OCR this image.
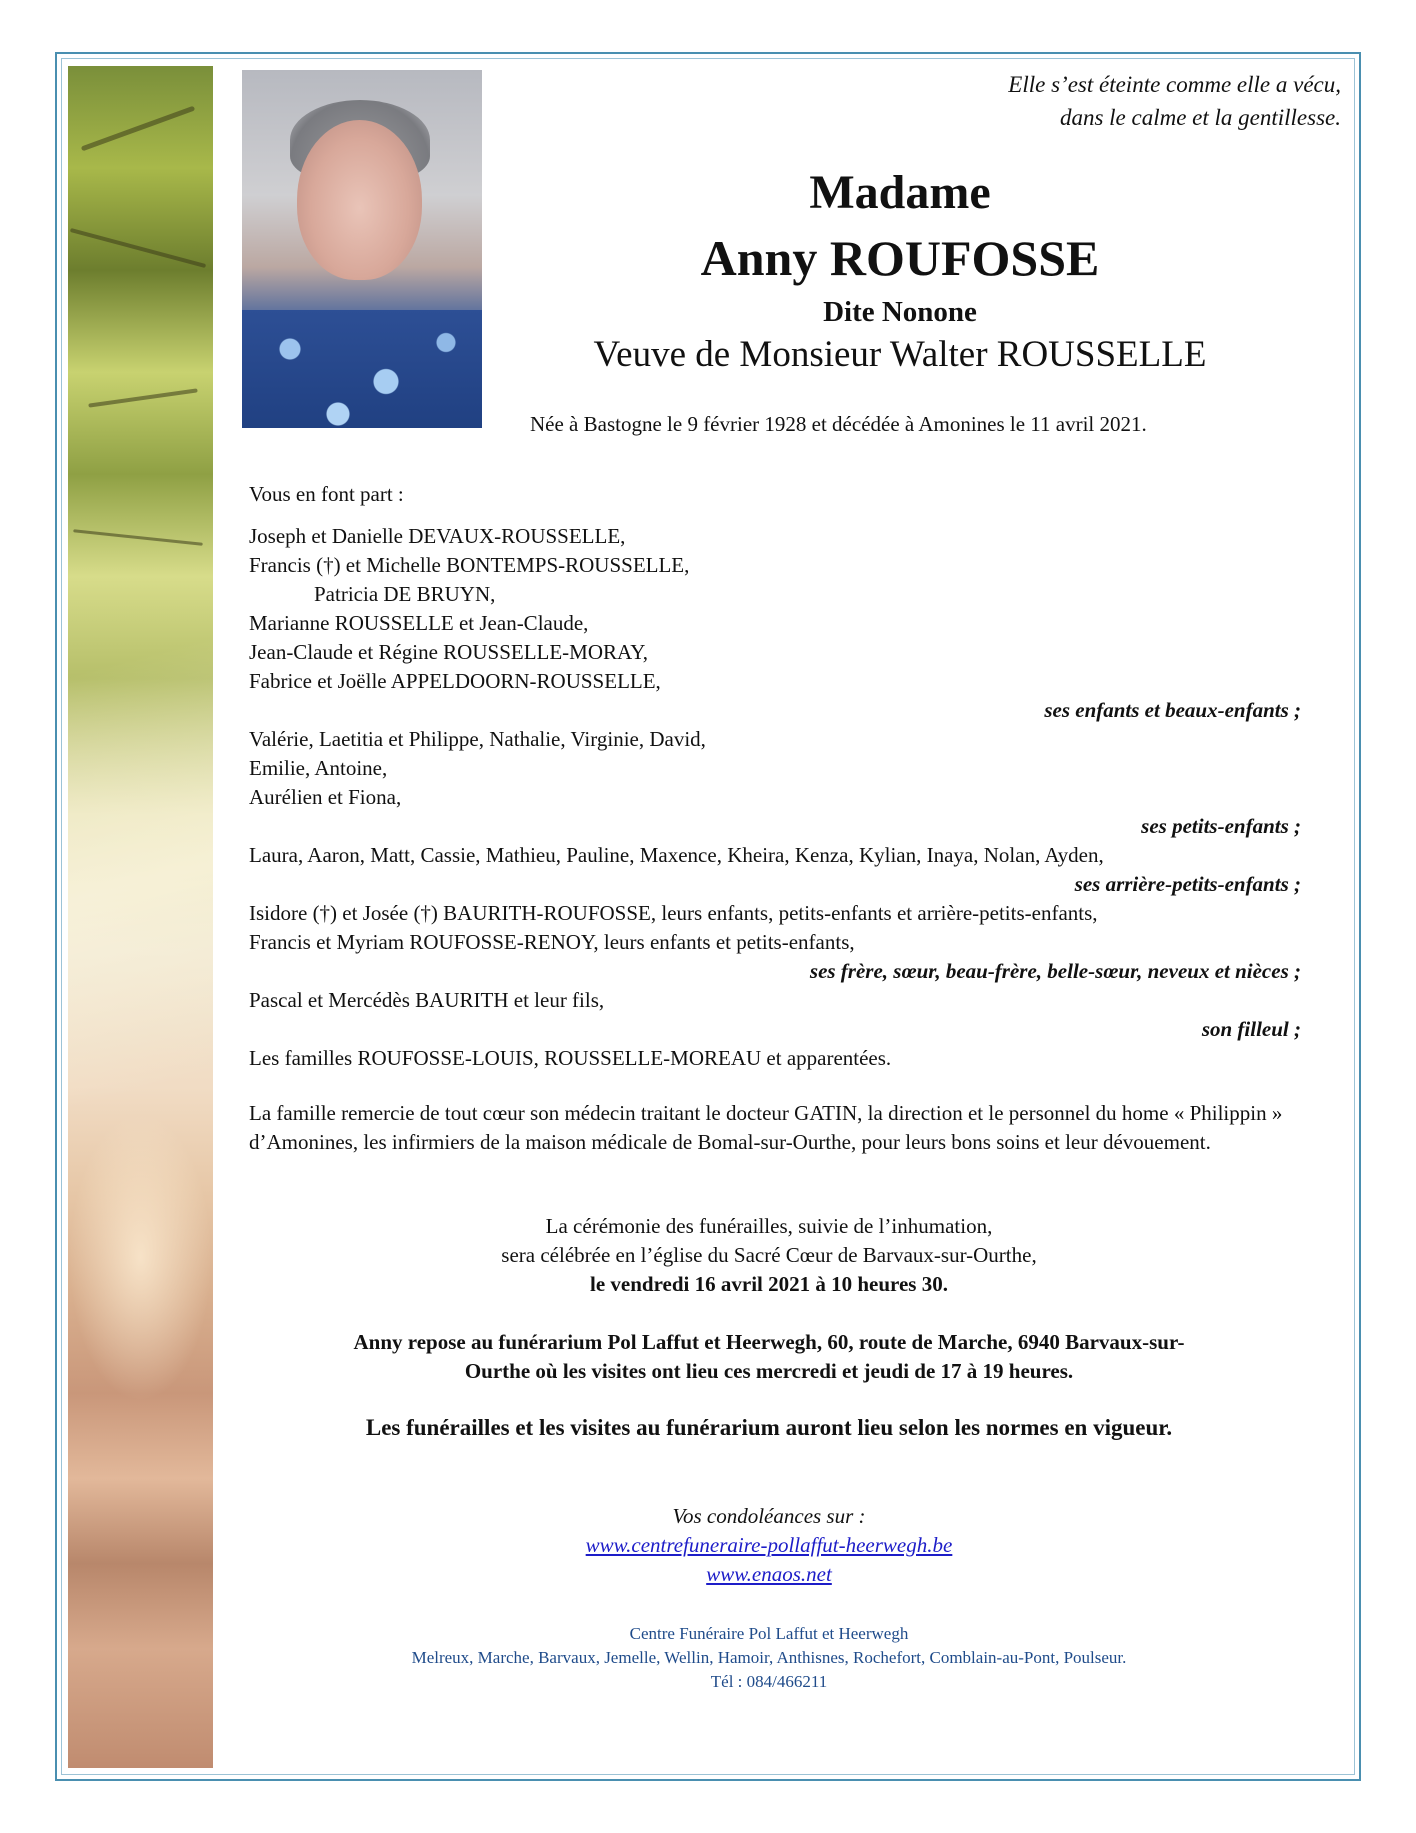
Elle s’est éteinte comme elle a vécu,
dans le calme et la gentillesse.
Madame
Anny ROUFOSSE
Dite Nonone
Veuve de Monsieur Walter ROUSSELLE
Née à Bastogne le 9 février 1928 et décédée à Amonines le 11 avril 2021.
Vous en font part :
Joseph et Danielle DEVAUX-ROUSSELLE,
Francis (†) et Michelle BONTEMPS-ROUSSELLE,
Patricia DE BRUYN,
Marianne ROUSSELLE et Jean-Claude,
Jean-Claude et Régine ROUSSELLE-MORAY,
Fabrice et Joëlle APPELDOORN-ROUSSELLE,
ses enfants et beaux-enfants ;
Valérie, Laetitia et Philippe, Nathalie, Virginie, David,
Emilie, Antoine,
Aurélien et Fiona,
ses petits-enfants ;
Laura, Aaron, Matt, Cassie, Mathieu, Pauline, Maxence, Kheira, Kenza, Kylian, Inaya, Nolan, Ayden,
ses arrière-petits-enfants ;
Isidore (†) et Josée (†) BAURITH-ROUFOSSE, leurs enfants, petits-enfants et arrière-petits-enfants,
Francis et Myriam ROUFOSSE-RENOY, leurs enfants et petits-enfants,
ses frère, sœur, beau-frère, belle-sœur, neveux et nièces ;
Pascal et Mercédès BAURITH et leur fils,
son filleul ;
Les familles ROUFOSSE-LOUIS, ROUSSELLE-MOREAU et apparentées.
La famille remercie de tout cœur son médecin traitant le docteur GATIN, la direction et le personnel du home « Philippin » d’Amonines, les infirmiers de la maison médicale de Bomal-sur-Ourthe, pour leurs bons soins et leur dévouement.
La cérémonie des funérailles, suivie de l’inhumation,
sera célébrée en l’église du Sacré Cœur de Barvaux-sur-Ourthe,
le vendredi 16 avril 2021 à 10 heures 30.
Anny repose au funérarium Pol Laffut et Heerwegh, 60, route de Marche, 6940 Barvaux-sur-
Ourthe où les visites ont lieu ces mercredi et jeudi de 17 à 19 heures.
Les funérailles et les visites au funérarium auront lieu selon les normes en vigueur.
Vos condoléances sur :
www.centrefuneraire-pollaffut-heerwegh.be
www.enaos.net
Centre Funéraire Pol Laffut et Heerwegh
Melreux, Marche, Barvaux, Jemelle, Wellin, Hamoir, Anthisnes, Rochefort, Comblain-au-Pont, Poulseur.
Tél : 084/466211
